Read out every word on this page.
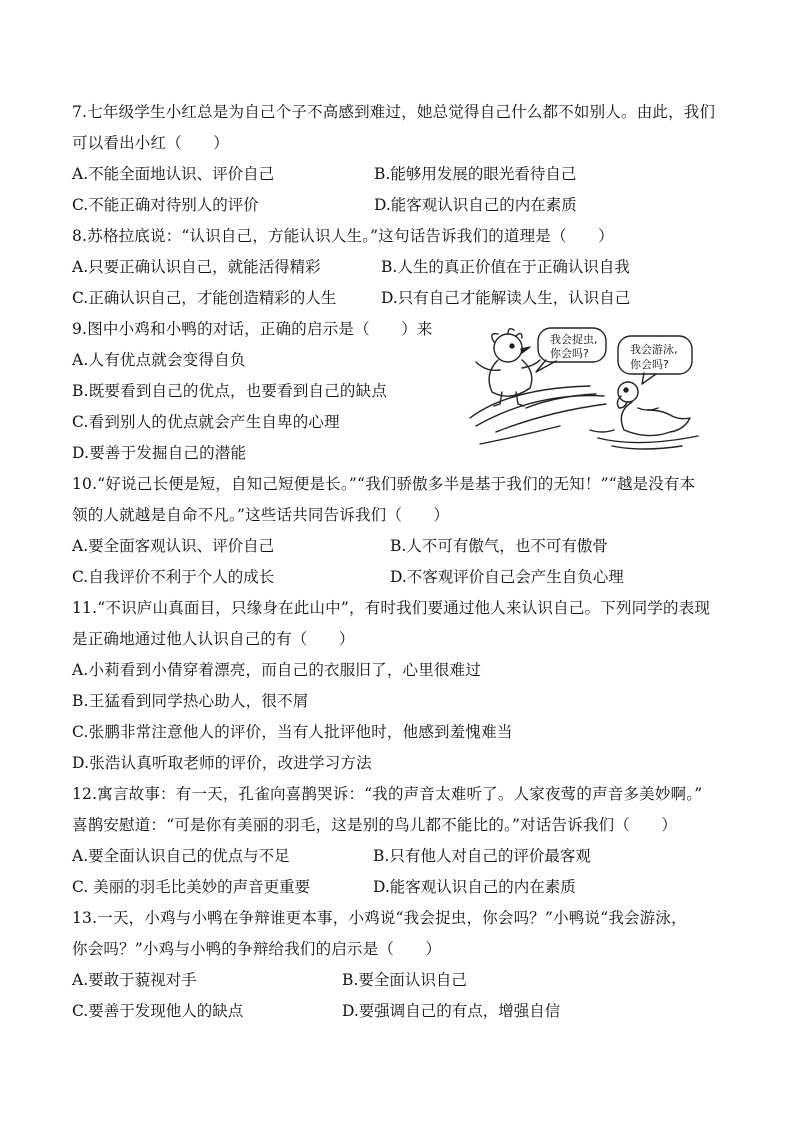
7.七年级学生小红总是为自己个子不高感到难过，她总觉得自己什么都不如别人。由此，我们
可以看出小红（　　）
A.不能全面地认识、评价自己	B.能够用发展的眼光看待自己
C.不能正确对待别人的评价	D.能客观认识自己的内在素质
8.苏格拉底说：“认识自己，方能认识人生。”这句话告诉我们的道理是（　　）
A.只要正确认识自己，就能活得精彩	B.人生的真正价值在于正确认识自我
C.正确认识自己，才能创造精彩的人生	D.只有自己才能解读人生，认识自己
9.图中小鸡和小鸭的对话，正确的启示是（　　）来
A.人有优点就会变得自负
B.既要看到自己的优点，也要看到自己的缺点
C.看到别人的优点就会产生自卑的心理
D.要善于发掘自己的潜能
10.“好说己长便是短，自知己短便是长。”“我们骄傲多半是基于我们的无知！”“越是没有本
领的人就越是自命不凡。”这些话共同告诉我们（　　）
A.要全面客观认识、评价自己	B.人不可有傲气，也不可有傲骨
C.自我评价不利于个人的成长	D.不客观评价自己会产生自负心理
11.“不识庐山真面目，只缘身在此山中”，有时我们要通过他人来认识自己。下列同学的表现
是正确地通过他人认识自己的有（　　）
A.小莉看到小倩穿着漂亮，而自己的衣服旧了，心里很难过
B.王猛看到同学热心助人，很不屑
C.张鹏非常注意他人的评价，当有人批评他时，他感到羞愧难当
D.张浩认真听取老师的评价，改进学习方法
12.寓言故事：有一天，孔雀向喜鹊哭诉：“我的声音太难听了。人家夜莺的声音多美妙啊。”
喜鹊安慰道：“可是你有美丽的羽毛，这是别的鸟儿都不能比的。”对话告诉我们（　　）
A.要全面认识自己的优点与不足	B.只有他人对自己的评价最客观
C. 美丽的羽毛比美妙的声音更重要	D.能客观认识自己的内在素质
13.一天，小鸡与小鸭在争辩谁更本事，小鸡说“我会捉虫，你会吗？”小鸭说“我会游泳，
你会吗？”小鸡与小鸭的争辩给我们的启示是（　　）
A.要敢于藐视对手	B.要全面认识自己
C.要善于发现他人的缺点	D.要强调自己的有点，增强自信
我会捉虫,
你会吗?	我会游泳,
你会吗?
